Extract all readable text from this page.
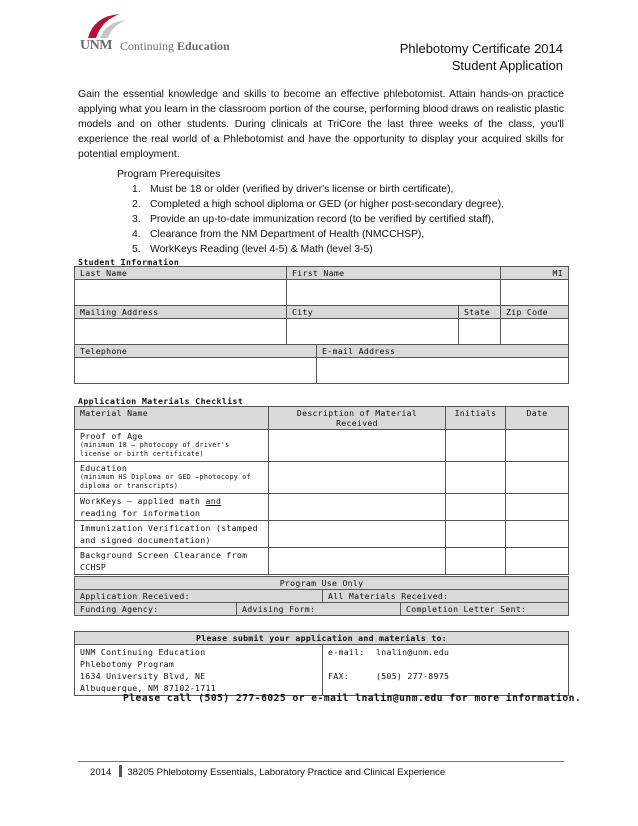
UNM Continuing Education	Phlebotomy Certificate 2014
Student Application

Gain the essential knowledge and skills to become an effective phlebotomist. Attain hands-on practice applying what you learn in the classroom portion of the course, performing blood draws on realistic plastic models and on other students. During clinicals at TriCore the last three weeks of the class, you'll experience the real world of a Phlebotomist and have the opportunity to display your acquired skills for potential employment.

Program Prerequisites
1. Must be 18 or older (verified by driver's license or birth certificate),
2. Completed a high school diploma or GED (or higher post-secondary degree),
3. Provide an up-to-date immunization record (to be verified by certified staff),
4. Clearance from the NM Department of Health (NMCCHSP),
5. WorkKeys Reading (level 4-5) & Math (level 3-5)
Student Information
Last Name	First Name			MI

Mailing Address	City		State	Zip Code

Telephone		E-mail Address		

Application Materials Checklist
Material Name	Description of Material Received	Initials	Date
Proof of Age
(minimum 18 – photocopy of driver's license or birth certificate)			

Education
(minimum HS Diploma or GED –photocopy of diploma or transcripts)			

WorkKeys – applied math and reading for information			
Immunization Verification (stamped and signed documentation)			
Background Screen Clearance from CCHSP			
Program Use Only			
Application Received:		All Materials Received:	
Funding Agency:	Advising Form:		Completion Letter Sent:
Please submit your application and materials to:

UNM Continuing Education
Phlebotomy Program
1634 University Blvd, NE
Albuquerque, NM 87102-1711

e-mail: lnalin@unm.edu
FAX:	(505) 277-8975
Please call (505) 277-6025 or e-mail lnalin@unm.edu for more information.
2014 38205 Phlebotomy Essentials, Laboratory Practice and Clinical Experience
